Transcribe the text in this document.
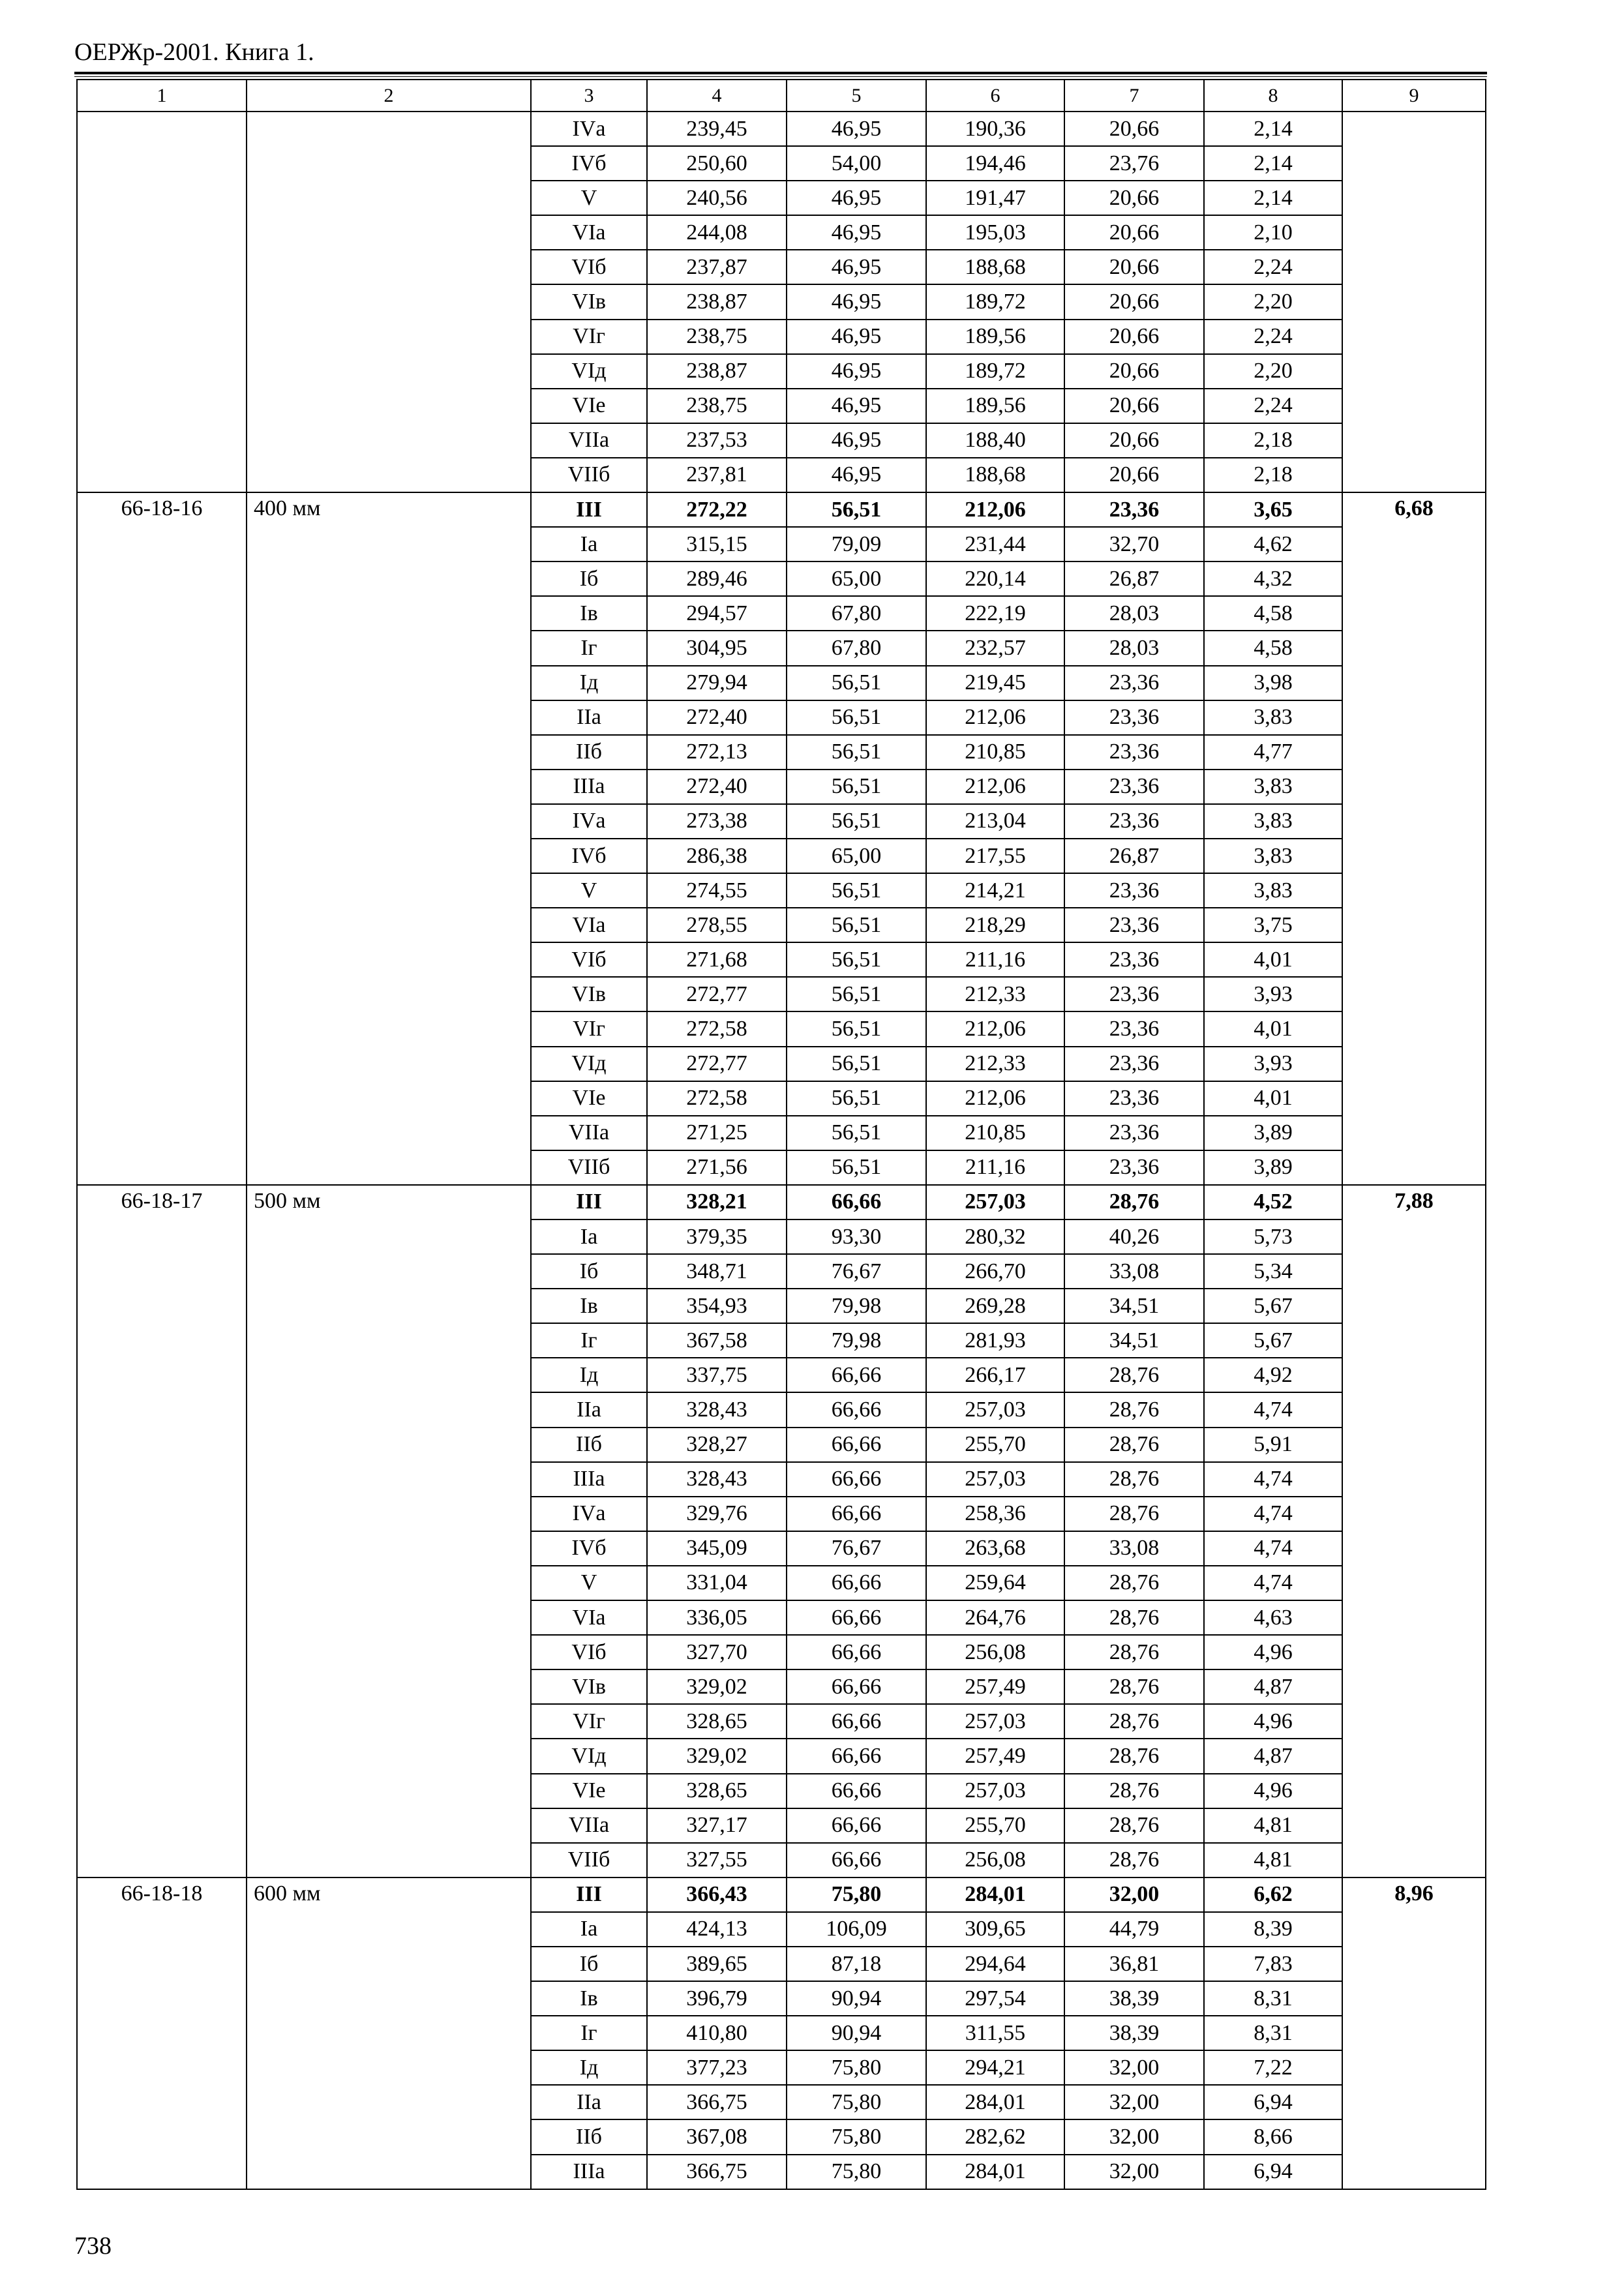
ОЕРЖр-2001. Книга 1.
1	2	3	4	5	6	7	8	9
		IVа	239,45	46,95	190,36	20,66	2,14	
		IVб	250,60	54,00	194,46	23,76	2,14	
		V	240,56	46,95	191,47	20,66	2,14	
		VIа	244,08	46,95	195,03	20,66	2,10	
		VIб	237,87	46,95	188,68	20,66	2,24	
		VIв	238,87	46,95	189,72	20,66	2,20	
		VIг	238,75	46,95	189,56	20,66	2,24	
		VIд	238,87	46,95	189,72	20,66	2,20	
		VIе	238,75	46,95	189,56	20,66	2,24	
		VIIа	237,53	46,95	188,40	20,66	2,18	
		VIIб	237,81	46,95	188,68	20,66	2,18	
66-18-16	400 мм	III	272,22	56,51	212,06	23,36	3,65	6,68
		Iа	315,15	79,09	231,44	32,70	4,62	
		Iб	289,46	65,00	220,14	26,87	4,32	
		Iв	294,57	67,80	222,19	28,03	4,58	
		Iг	304,95	67,80	232,57	28,03	4,58	
		Iд	279,94	56,51	219,45	23,36	3,98	
		IIа	272,40	56,51	212,06	23,36	3,83	
		IIб	272,13	56,51	210,85	23,36	4,77	
		IIIа	272,40	56,51	212,06	23,36	3,83	
		IVа	273,38	56,51	213,04	23,36	3,83	
		IVб	286,38	65,00	217,55	26,87	3,83	
		V	274,55	56,51	214,21	23,36	3,83	
		VIа	278,55	56,51	218,29	23,36	3,75	
		VIб	271,68	56,51	211,16	23,36	4,01	
		VIв	272,77	56,51	212,33	23,36	3,93	
		VIг	272,58	56,51	212,06	23,36	4,01	
		VIд	272,77	56,51	212,33	23,36	3,93	
		VIе	272,58	56,51	212,06	23,36	4,01	
		VIIа	271,25	56,51	210,85	23,36	3,89	
		VIIб	271,56	56,51	211,16	23,36	3,89	
66-18-17	500 мм	III	328,21	66,66	257,03	28,76	4,52	7,88
		Iа	379,35	93,30	280,32	40,26	5,73	
		Iб	348,71	76,67	266,70	33,08	5,34	
		Iв	354,93	79,98	269,28	34,51	5,67	
		Iг	367,58	79,98	281,93	34,51	5,67	
		Iд	337,75	66,66	266,17	28,76	4,92	
		IIа	328,43	66,66	257,03	28,76	4,74	
		IIб	328,27	66,66	255,70	28,76	5,91	
		IIIа	328,43	66,66	257,03	28,76	4,74	
		IVа	329,76	66,66	258,36	28,76	4,74	
		IVб	345,09	76,67	263,68	33,08	4,74	
		V	331,04	66,66	259,64	28,76	4,74	
		VIа	336,05	66,66	264,76	28,76	4,63	
		VIб	327,70	66,66	256,08	28,76	4,96	
		VIв	329,02	66,66	257,49	28,76	4,87	
		VIг	328,65	66,66	257,03	28,76	4,96	
		VIд	329,02	66,66	257,49	28,76	4,87	
		VIе	328,65	66,66	257,03	28,76	4,96	
		VIIа	327,17	66,66	255,70	28,76	4,81	
		VIIб	327,55	66,66	256,08	28,76	4,81	
66-18-18	600 мм	III	366,43	75,80	284,01	32,00	6,62	8,96
		Iа	424,13	106,09	309,65	44,79	8,39	
		Iб	389,65	87,18	294,64	36,81	7,83	
		Iв	396,79	90,94	297,54	38,39	8,31	
		Iг	410,80	90,94	311,55	38,39	8,31	
		Iд	377,23	75,80	294,21	32,00	7,22	
		IIа	366,75	75,80	284,01	32,00	6,94	
		IIб	367,08	75,80	282,62	32,00	8,66	
		IIIа	366,75	75,80	284,01	32,00	6,94	
738
